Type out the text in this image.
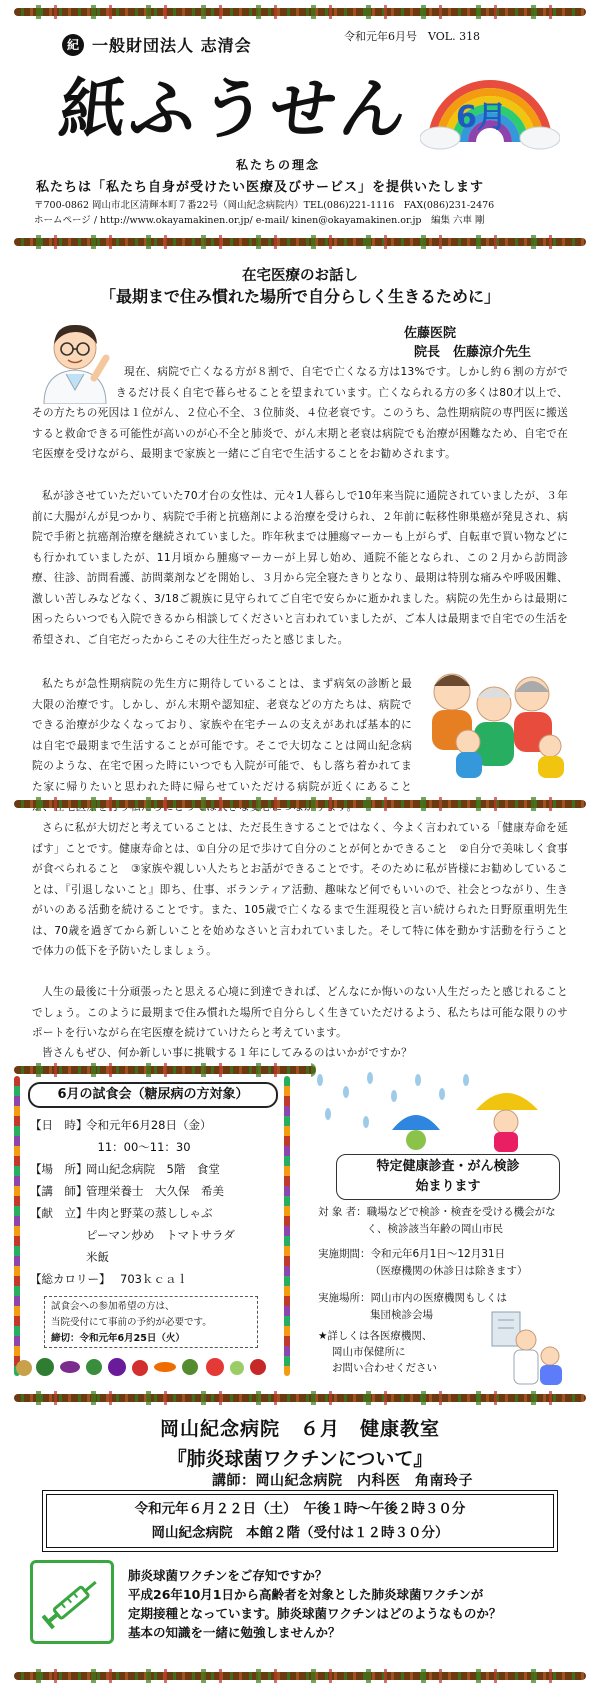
紀 一般財団法人 志清会	令和元年6月号　VOL. 318
紙ふうせん 6月
私たちの理念
私たちは「私たち自身が受けたい医療及びサービス」を提供いたします
〒700-0862 岡山市北区清輝本町７番22号（岡山紀念病院内）TEL(086)221-1116　FAX(086)231-2476
ホームページ / http://www.okayamakinen.or.jp/ e-mail/ kinen@okayamakinen.or.jp　編集 六車 剛
在宅医療のお話し
「最期まで住み慣れた場所で自分らしく生きるために」
佐藤医院
院長　佐藤涼介先生
現在、病院で亡くなる方が８割で、自宅で亡くなる方は13%です。しかし約６割の方ができるだけ長く自宅で暮らせることを望まれています。亡くなられる方の多くは80才以上で、その方たちの死因は１位がん、２位心不全、３位肺炎、４位老衰です。このうち、急性期病院の専門医に搬送すると救命できる可能性が高いのが心不全と肺炎で、がん末期と老衰は病院でも治療が困難なため、自宅で在宅医療を受けながら、最期まで家族と一緒にご自宅で生活することをお勧めされます。
私が診させていただいていた70才台の女性は、元々1人暮らしで10年来当院に通院されていましたが、３年前に大腸がんが見つかり、病院で手術と抗癌剤による治療を受けられ、２年前に転移性卵巣癌が発見され、病院で手術と抗癌剤治療を継続されていました。昨年秋までは腫瘍マーカーも上がらず、自転車で買い物などにも行かれていましたが、11月頃から腫瘍マーカーが上昇し始め、通院不能となられ、この２月から訪問診療、往診、訪問看護、訪問薬剤などを開始し、３月から完全寝たきりとなり、最期は特別な痛みや呼吸困難、激しい苦しみなどなく、3/18ご親族に見守られてご自宅で安らかに逝かれました。病院の先生からは最期に困ったらいつでも入院できるから相談してくださいと言われていましたが、ご本人は最期まで自宅での生活を希望され、ご自宅だったからこその大往生だったと感じました。
私たちが急性期病院の先生方に期待していることは、まず病気の診断と最大限の治療です。しかし、がん末期や認知症、老衰などの方たちは、病院でできる治療が少なくなっており、家族や在宅チームの支えがあれば基本的には自宅で最期まで生活することが可能です。そこで大切なことは岡山紀念病院のような、在宅で困った時にいつでも入院が可能で、もし落ち着かれてまた家に帰りたいと思われた時に帰らせていただける病院が近くにあること
さらに私が大切だと考えていることは、ただ長生きすることではなく、今よく言われている「健康寿命を延ばす」ことです。健康寿命とは、①自分の足で歩けて自分のことが何とかできること　②自分で美味しく食事が食べられること　③家族や親しい人たちとお話ができることです。そのために私が皆様にお勧めしていることは、『引退しないこと』即ち、仕事、ボランティア活動、趣味など何でもいいので、社会とつながり、生きがいのある活動を続けることです。また、105歳で亡くなるまで生涯現役と言い続けられた日野原重明先生は、70歳を過ぎてから新しいことを始めなさいと言われていました。そして特に体を動かす活動を行うことで体力の低下を予防いたしましょう。
人生の最後に十分頑張ったと思える心境に到達できれば、どんなにか悔いのない人生だったと感じれることでしょう。このように最期まで住み慣れた場所で自分らしく生きていただけるよう、私たちは可能な限りのサポートを行いながら在宅医療を続けていけたらと考えています。
皆さんもぜひ、何か新しい事に挑戦する１年にしてみるのはいかがですか？
6月の試食会（糖尿病の方対象）
【日　時】
令和元年6月28日（金）
　11：00～11：30
【場　所】
岡山紀念病院　5階　食堂
【講　師】
管理栄養士　大久保　希美
【献　立】
牛肉と野菜の蒸ししゃぶ
ピーマン炒め　トマトサラダ
米飯
【総カロリー】 703ｋｃａｌ
試食会への参加希望の方は、
当院受付にて事前の予約が必要です。
締切：令和元年6月25日（火）
特定健康診査・がん検診
始まります
対 象 者： 職場などで検診・検査を受ける機会がなく、検診該当年齢の岡山市民
実施期間：令和元年6月1日～12月31日
（医療機関の休診日は除きます）
実施場所：岡山市内の医療機関もしくは
集団検診会場
★詳しくは各医療機関、
岡山市保健所に
お問い合わせください
岡山紀念病院　６月　健康教室
『肺炎球菌ワクチンについて』
講師：岡山紀念病院　内科医　角南玲子
令和元年６月２２日（土）　午後１時～午後２時３０分
岡山紀念病院　本館２階（受付は１２時３０分）
肺炎球菌ワクチンをご存知ですか？
平成26年10月1日から高齢者を対象とした肺炎球菌ワクチンが
定期接種となっています。肺炎球菌ワクチンはどのようなものか？
基本の知識を一緒に勉強しませんか？
